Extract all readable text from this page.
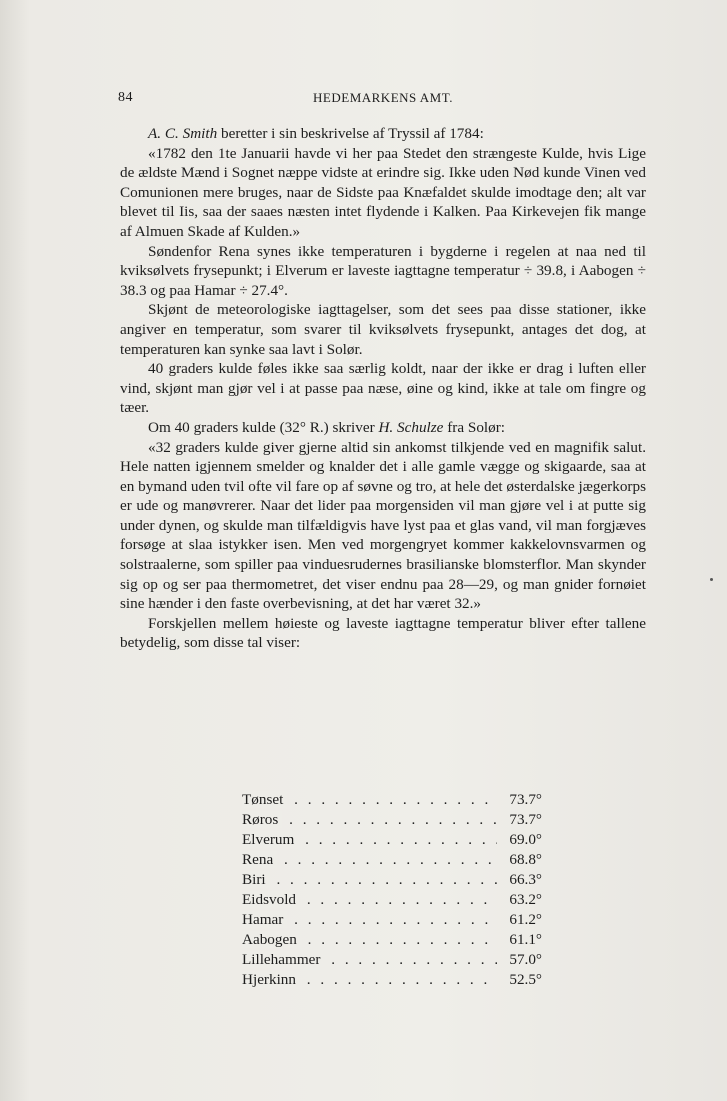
84	HEDEMARKENS AMT.

A. C. Smith beretter i sin beskrivelse af Tryssil af 1784:

«1782 den 1te Januarii havde vi her paa Stedet den strængeste Kulde, hvis Lige de ældste Mænd i Sognet næppe vidste at erindre sig. Ikke uden Nød kunde Vinen ved Comunionen mere bruges, naar de Sidste paa Knæfaldet skulde imodtage den; alt var blevet til Iis, saa der saaes næsten intet flydende i Kalken. Paa Kirkevejen fik mange af Almuen Skade af Kulden.»

Søndenfor Rena synes ikke temperaturen i bygderne i regelen at naa ned til kviksølvets frysepunkt; i Elverum er laveste iagttagne temperatur ÷ 39.8, i Aabogen ÷ 38.3 og paa Hamar ÷ 27.4°.

Skjønt de meteorologiske iagttagelser, som det sees paa disse stationer, ikke angiver en temperatur, som svarer til kviksølvets frysepunkt, antages det dog, at temperaturen kan synke saa lavt i Solør.

40 graders kulde føles ikke saa særlig koldt, naar der ikke er drag i luften eller vind, skjønt man gjør vel i at passe paa næse, øine og kind, ikke at tale om fingre og tæer.

Om 40 graders kulde (32° R.) skriver H. Schulze fra Solør:

«32 graders kulde giver gjerne altid sin ankomst tilkjende ved en magnifik salut. Hele natten igjennem smelder og knalder det i alle gamle vægge og skigaarde, saa at en bymand uden tvil ofte vil fare op af søvne og tro, at hele det østerdalske jægerkorps er ude og manøvrerer. Naar det lider paa morgensiden vil man gjøre vel i at putte sig under dynen, og skulde man tilfældigvis have lyst paa et glas vand, vil man forgjæves forsøge at slaa istykker isen. Men ved morgengryet kommer kakkelovnsvarmen og solstraalerne, som spiller paa vinduesrudernes brasilianske blomsterflor. Man skynder sig op og ser paa thermometret, det viser endnu paa 28—29, og man gnider fornøiet sine hænder i den faste overbevisning, at det har været 32.»

Forskjellen mellem høieste og laveste iagttagne temperatur bliver efter tallene betydelig, som disse tal viser:

Tønset . . .	73.7°
Røros . . .	73.7°
Elverum . . .	69.0°
Rena . . .	68.8°
Biri . . .	66.3°
Eidsvold . . .	63.2°
Hamar . . .	61.2°
Aabogen . . .	61.1°
Lillehammer . . .	57.0°
Hjerkinn . . .	52.5°
